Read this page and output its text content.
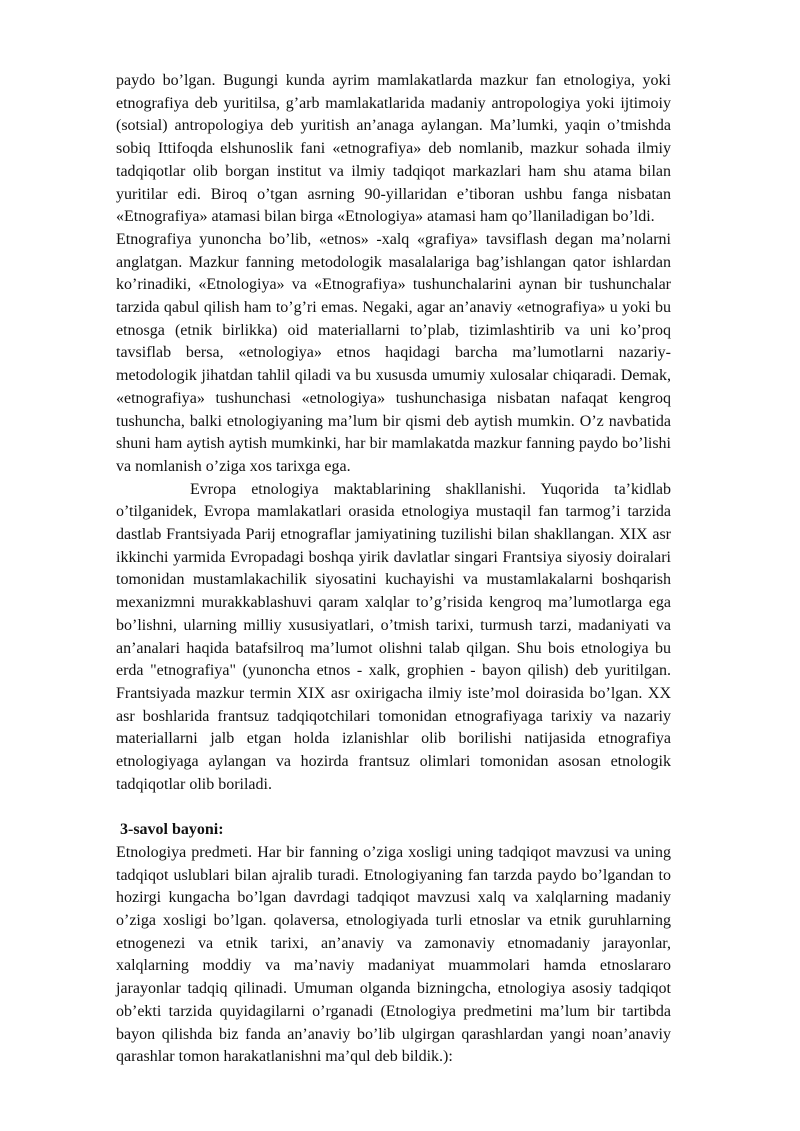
paydo bo’lgan. Bugungi kunda ayrim mamlakatlarda mazkur fan etnologiya, yoki etnografiya deb yuritilsa, g’arb mamlakatlarida madaniy antropologiya yoki ijtimoiy (sotsial) antropologiya deb yuritish an’anaga aylangan. Ma’lumki, yaqin o’tmishda sobiq Ittifoqda elshunoslik fani «etnografiya» deb nomlanib, mazkur sohada ilmiy tadqiqotlar olib borgan institut va ilmiy tadqiqot markazlari ham shu atama bilan yuritilar edi. Biroq o’tgan asrning 90-yillaridan e’tiboran ushbu fanga nisbatan «Etnografiya» atamasi bilan birga «Etnologiya» atamasi ham qo’llaniladigan bo’ldi.

Etnografiya yunoncha bo’lib, «etnos» -xalq «grafiya» tavsiflash degan ma’nolarni anglatgan. Mazkur fanning metodologik masalalariga bag’ishlangan qator ishlardan ko’rinadiki, «Etnologiya» va «Etnografiya» tushunchalarini aynan bir tushunchalar tarzida qabul qilish ham to’g’ri emas. Negaki, agar an’anaviy «etnografiya» u yoki bu etnosga (etnik birlikka) oid materiallarni to’plab, tizimlashtirib va uni ko’proq tavsiflab bersa, «etnologiya» etnos haqidagi barcha ma’lumotlarni nazariy-metodologik jihatdan tahlil qiladi va bu xususda umumiy xulosalar chiqaradi. Demak, «etnografiya» tushunchasi «etnologiya» tushunchasiga nisbatan nafaqat kengroq tushuncha, balki etnologiyaning ma’lum bir qismi deb aytish mumkin. O’z navbatida shuni ham aytish aytish mumkinki, har bir mamlakatda mazkur fanning paydo bo’lishi va nomlanish o’ziga xos tarixga ega.

Evropa etnologiya maktablarining shakllanishi. Yuqorida ta’kidlab o’tilganidek, Evropa mamlakatlari orasida etnologiya mustaqil fan tarmog’i tarzida dastlab Frantsiyada Parij etnograflar jamiyatining tuzilishi bilan shakllangan. XIX asr ikkinchi yarmida Evropadagi boshqa yirik davlatlar singari Frantsiya siyosiy doiralari tomonidan mustamlakachilik siyosatini kuchayishi va mustamlakalarni boshqarish mexanizmni murakkablashuvi qaram xalqlar to’g’risida kengroq ma’lumotlarga ega bo’lishni, ularning milliy xususiyatlari, o’tmish tarixi, turmush tarzi, madaniyati va an’analari haqida batafsilroq ma’lumot olishni talab qilgan. Shu bois etnologiya bu erda "etnografiya" (yunoncha etnos - xalk, grophien - bayon qilish) deb yuritilgan. Frantsiyada mazkur termin XIX asr oxirigacha ilmiy iste’mol doirasida bo’lgan. XX asr boshlarida frantsuz tadqiqotchilari tomonidan etnografiyaga tarixiy va nazariy materiallarni jalb etgan holda izlanishlar olib borilishi natijasida etnografiya etnologiyaga aylangan va hozirda frantsuz olimlari tomonidan asosan etnologik tadqiqotlar olib boriladi.

3-savol bayoni:

Etnologiya predmeti. Har bir fanning o’ziga xosligi uning tadqiqot mavzusi va uning tadqiqot uslublari bilan ajralib turadi. Etnologiyaning fan tarzda paydo bo’lgandan to hozirgi kungacha bo’lgan davrdagi tadqiqot mavzusi xalq va xalqlarning madaniy o’ziga xosligi bo’lgan. qolaversa, etnologiyada turli etnoslar va etnik guruhlarning etnogenezi va etnik tarixi, an’anaviy va zamonaviy etnomadaniy jarayonlar, xalqlarning moddiy va ma’naviy madaniyat muammolari hamda etnoslararo jarayonlar tadqiq qilinadi. Umuman olganda bizningcha, etnologiya asosiy tadqiqot ob’ekti tarzida quyidagilarni o’rganadi (Etnologiya predmetini ma’lum bir tartibda bayon qilishda biz fanda an’anaviy bo’lib ulgirgan qarashlardan yangi noan’anaviy qarashlar tomon harakatlanishni ma’qul deb bildik.):
